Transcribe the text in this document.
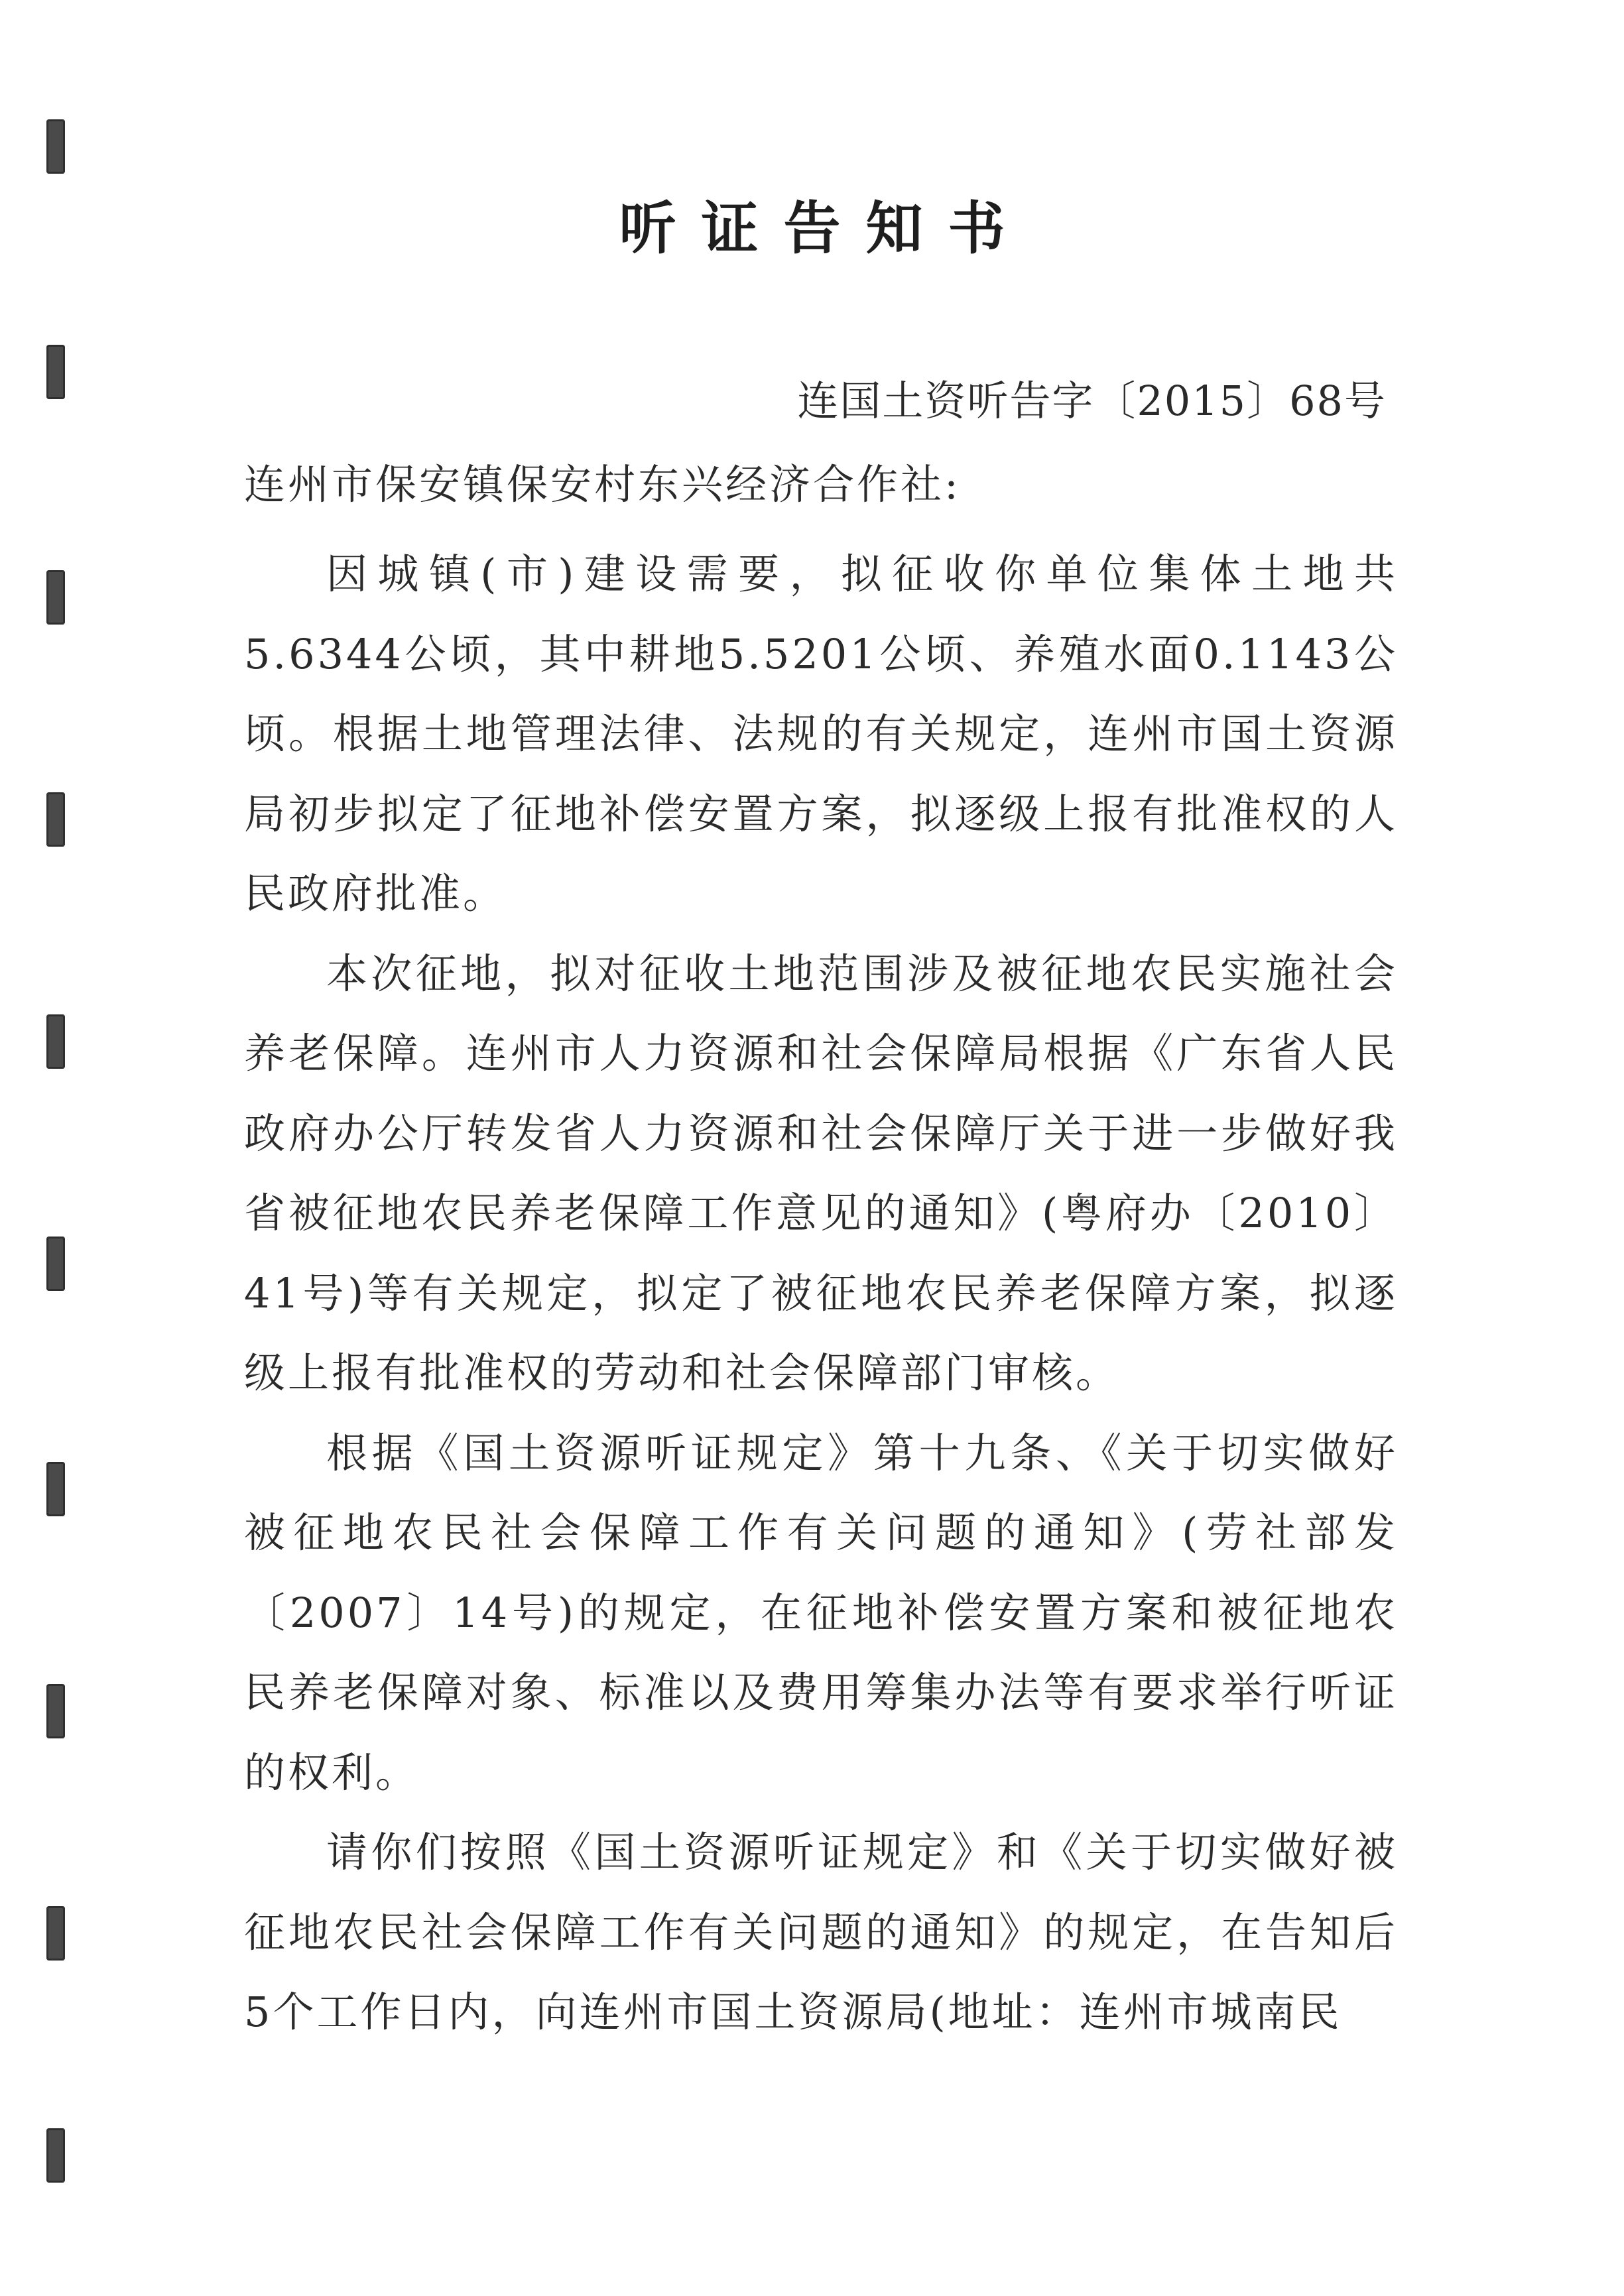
听证告知书
连国土资听告字〔2015〕68号
连州市保安镇保安村东兴经济合作社:

因城镇(市)建设需要，拟征收你单位集体土地共5.6344公顷，其中耕地5.5201公顷、养殖水面0.1143公顷。根据土地管理法律、法规的有关规定，连州市国土资源局初步拟定了征地补偿安置方案，拟逐级上报有批准权的人民政府批准。

本次征地，拟对征收土地范围涉及被征地农民实施社会养老保障。连州市人力资源和社会保障局根据《广东省人民政府办公厅转发省人力资源和社会保障厅关于进一步做好我省被征地农民养老保障工作意见的通知》(粤府办〔2010〕41号)等有关规定，拟定了被征地农民养老保障方案，拟逐级上报有批准权的劳动和社会保障部门审核。

根据《国土资源听证规定》第十九条、《关于切实做好被征地农民社会保障工作有关问题的通知》(劳社部发〔2007〕14号)的规定，在征地补偿安置方案和被征地农民养老保障对象、标准以及费用筹集办法等有要求举行听证的权利。

请你们按照《国土资源听证规定》和《关于切实做好被征地农民社会保障工作有关问题的通知》的规定，在告知后5个工作日内，向连州市国土资源局(地址：连州市城南民
